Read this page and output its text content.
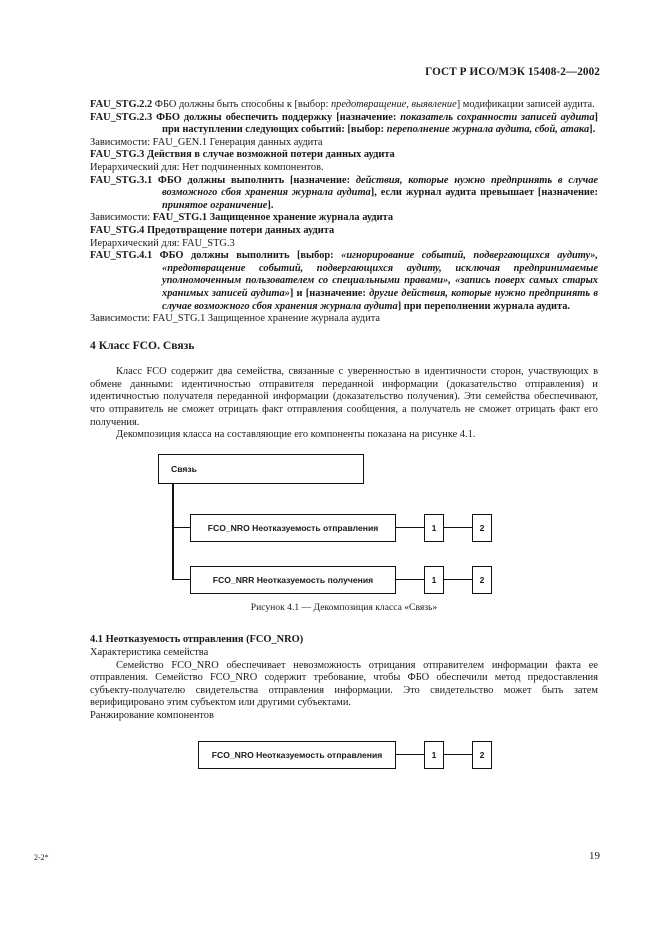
ГОСТ Р ИСО/МЭК 15408-2—2002

FAU_STG.2.2 ФБО должны быть способны к [выбор: предотвращение, выявление] модификации записей аудита.

FAU_STG.2.3 ФБО должны обеспечить поддержку [назначение: показатель сохранности записей аудита] при наступлении следующих событий: [выбор: переполнение журнала аудита, сбой, атака].

Зависимости: FAU_GEN.1 Генерация данных аудита

FAU_STG.3 Действия в случае возможной потери данных аудита

Иерархический для: Нет подчиненных компонентов.

FAU_STG.3.1 ФБО должны выполнить [назначение: действия, которые нужно предпринять в случае возможного сбоя хранения журнала аудита], если журнал аудита превышает [назначение: принятое ограничение].

Зависимости: FAU_STG.1 Защищенное хранение журнала аудита

FAU_STG.4 Предотвращение потери данных аудита

Иерархический для: FAU_STG.3

FAU_STG.4.1 ФБО должны выполнить [выбор: «игнорирование событий, подвергающихся аудиту», «предотвращение событий, подвергающихся аудиту, исключая предпринимаемые уполномоченным пользователем со специальными правами», «запись поверх самых старых хранимых записей аудита»] и [назначение: другие действия, которые нужно предпринять в случае возможного сбоя хранения журнала аудита] при переполнении журнала аудита.

Зависимости: FAU_STG.1 Защищенное хранение журнала аудита

4 Класс FCO. Связь

Класс FCO содержит два семейства, связанные с уверенностью в идентичности сторон, участвующих в обмене данными: идентичностью отправителя переданной информации (доказательство отправления) и идентичностью получателя переданной информации (доказательство получения). Эти семейства обеспечивают, что отправитель не сможет отрицать факт отправления сообщения, а получатель не сможет отрицать факт его получения.

Декомпозиция класса на составляющие его компоненты показана на рисунке 4.1.

Связь
FCO_NRO Неотказуемость отправления	1	2
FCO_NRR Неотказуемость получения	1	2

Рисунок 4.1 — Декомпозиция класса «Связь»

4.1 Неотказуемость отправления (FCO_NRO)

Характеристика семейства

Семейство FCO_NRO обеспечивает невозможность отрицания отправителем информации факта ее отправления. Семейство FCO_NRO содержит требование, чтобы ФБО обеспечили метод предоставления субъекту-получателю свидетельства отправления информации. Это свидетельство может быть затем верифицировано этим субъектом или другими субъектами.

Ранжирование компонентов

FCO_NRO Неотказуемость отправления	1	2
2-2*	19
